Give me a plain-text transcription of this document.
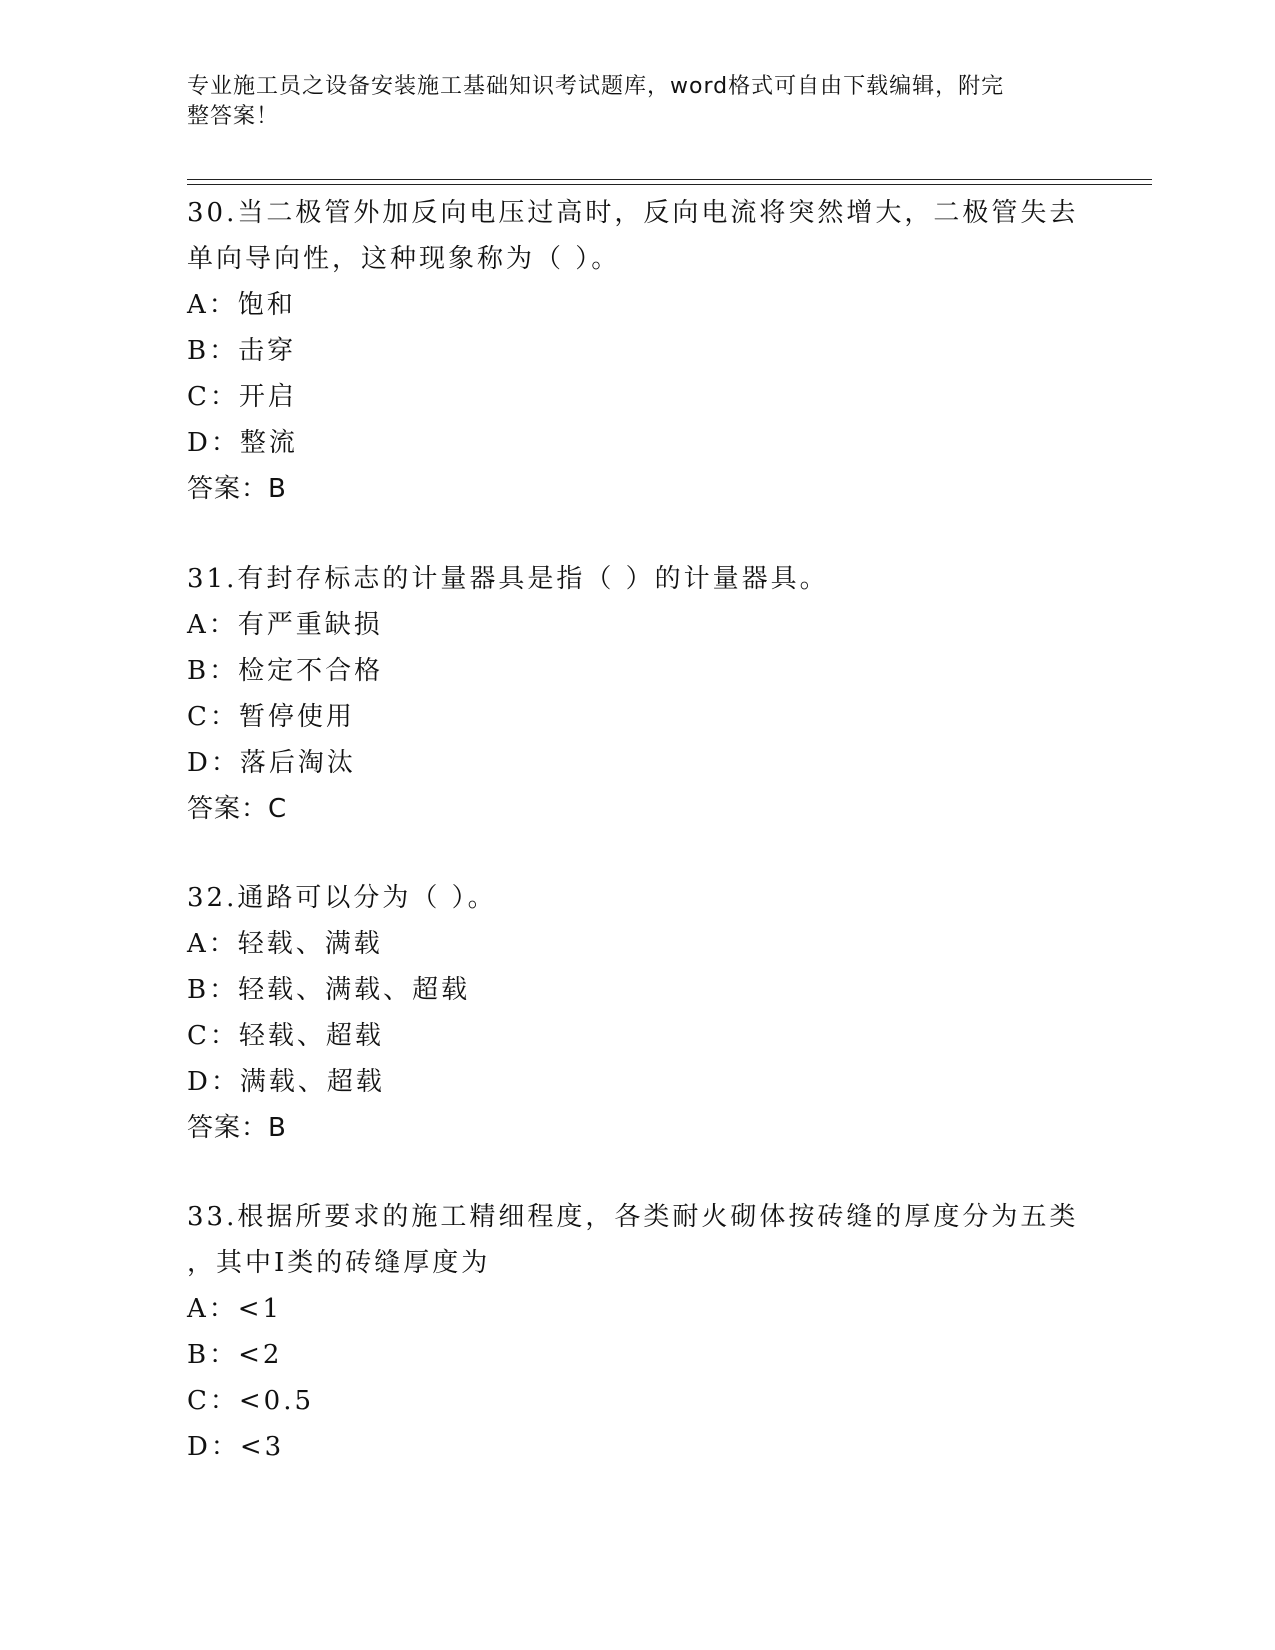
专业施工员之设备安装施工基础知识考试题库，word格式可自由下载编辑，附完
整答案！

30.当二极管外加反向电压过高时，反向电流将突然增大，二极管失去

单向导向性，这种现象称为（ ）。

A：饱和

B：击穿

C：开启

D：整流

答案：B

31.有封存标志的计量器具是指（ ）的计量器具。

A：有严重缺损

B：检定不合格

C：暂停使用

D：落后淘汰

答案：C

32.通路可以分为（ ）。

A：轻载、满载

B：轻载、满载、超载

C：轻载、超载

D：满载、超载

答案：B

33.根据所要求的施工精细程度，各类耐火砌体按砖缝的厚度分为五类

，其中Ⅰ类的砖缝厚度为

A：<1

B：<2

C：<0.5

D：<3
